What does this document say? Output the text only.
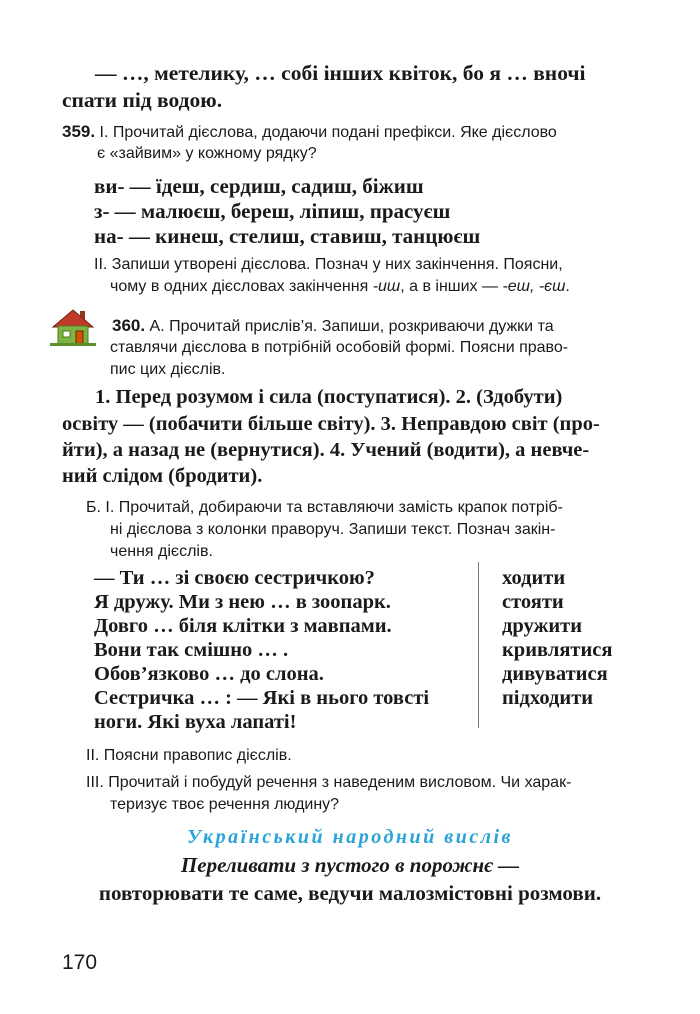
— …, метелику, … собі інших квіток, бо я … вночі
спати під водою.
359. І. Прочитай дієслова, додаючи подані префікси. Яке дієслово
є «зайвим» у кожному рядку?
ви- — їдеш, сердиш, садиш, біжиш
з- — малюєш, береш, ліпиш, прасуєш
на- — кинеш, стелиш, ставиш, танцюєш
ІІ. Запиши утворені дієслова. Познач у них закінчення. Поясни,
чому в одних дієсловах закінчення -иш, а в інших — -еш, -єш.
360. А. Прочитай прислів’я. Запиши, розкриваючи дужки та
ставлячи дієслова в потрібній особовій формі. Поясни право-
пис цих дієслів.
1. Перед розумом і сила (поступатися). 2. (Здобути)
освіту — (побачити більше світу). 3. Неправдою світ (про-
йти), а назад не (вернутися). 4. Учений (водити), а невче-
ний слідом (бродити).
Б. І. Прочитай, добираючи та вставляючи замість крапок потріб-
ні дієслова з колонки праворуч. Запиши текст. Познач закін-
чення дієслів.
— Ти … зі своєю сестричкою?
Я дружу. Ми з нею … в зоопарк.
Довго … біля клітки з мавпами.
Вони так смішно … .
Обов’язково … до слона.
Сестричка … : — Які в нього товсті
ноги. Які вуха лапаті!
ходити
стояти
дружити
кривлятися
дивуватися
підходити
ІІ. Поясни правопис дієслів.
ІІІ. Прочитай і побудуй речення з наведеним висловом. Чи харак-
теризує твоє речення людину?
Український народний вислів
Переливати з пустого в порожнє —
повторювати те саме, ведучи малозмістовні розмови.
170
